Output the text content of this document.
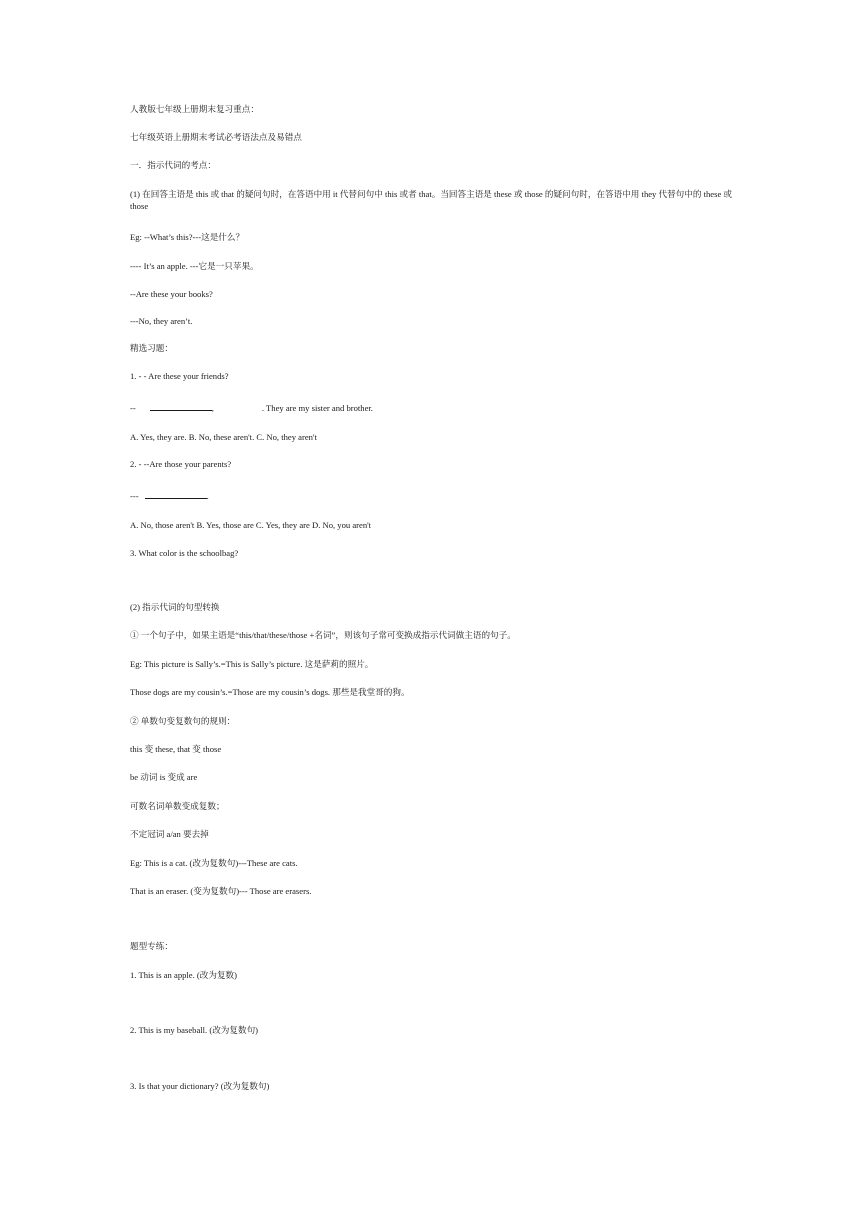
人教版七年级上册期末复习重点：
七年级英语上册期末考试必考语法点及易错点
一．指示代词的考点：
(1) 在回答主语是 this 或 that 的疑问句时，在答语中用 it 代替问句中 this 或者 that。当回答主语是 these 或 those 的疑问句时，在答语中用 they 代替句中的 these 或 those
Eg: --What’s this?---这是什么？
---- It’s an apple. ---它是一只苹果。
--Are these your books?
---No, they aren’t.
精选习题：
1. - - Are these your friends?
--	,	. They are my sister and brother.
A. Yes, they are. B. No, these aren't. C. No, they aren't
2. - --Are those your parents?
---	.
A. No, those aren't B. Yes, those are C. Yes, they are D. No, you aren't
3. What color is the schoolbag?
(2) 指示代词的句型转换
① 一个句子中，如果主语是“this/that/these/those +名词”，则该句子常可变换成指示代词做主语的句子。
Eg: This picture is Sally’s.=This is Sally’s picture. 这是萨莉的照片。
Those dogs are my cousin’s.=Those are my cousin’s dogs. 那些是我堂哥的狗。
② 单数句变复数句的规则：
this 变 these, that 变 those
be 动词 is 变成 are
可数名词单数变成复数；
不定冠词 a/an 要去掉
Eg: This is a cat. (改为复数句)---These are cats.
That is an eraser. (变为复数句)--- Those are erasers.
题型专练：
1. This is an apple. (改为复数)
2. This is my baseball. (改为复数句)
3. Is that your dictionary? (改为复数句)
